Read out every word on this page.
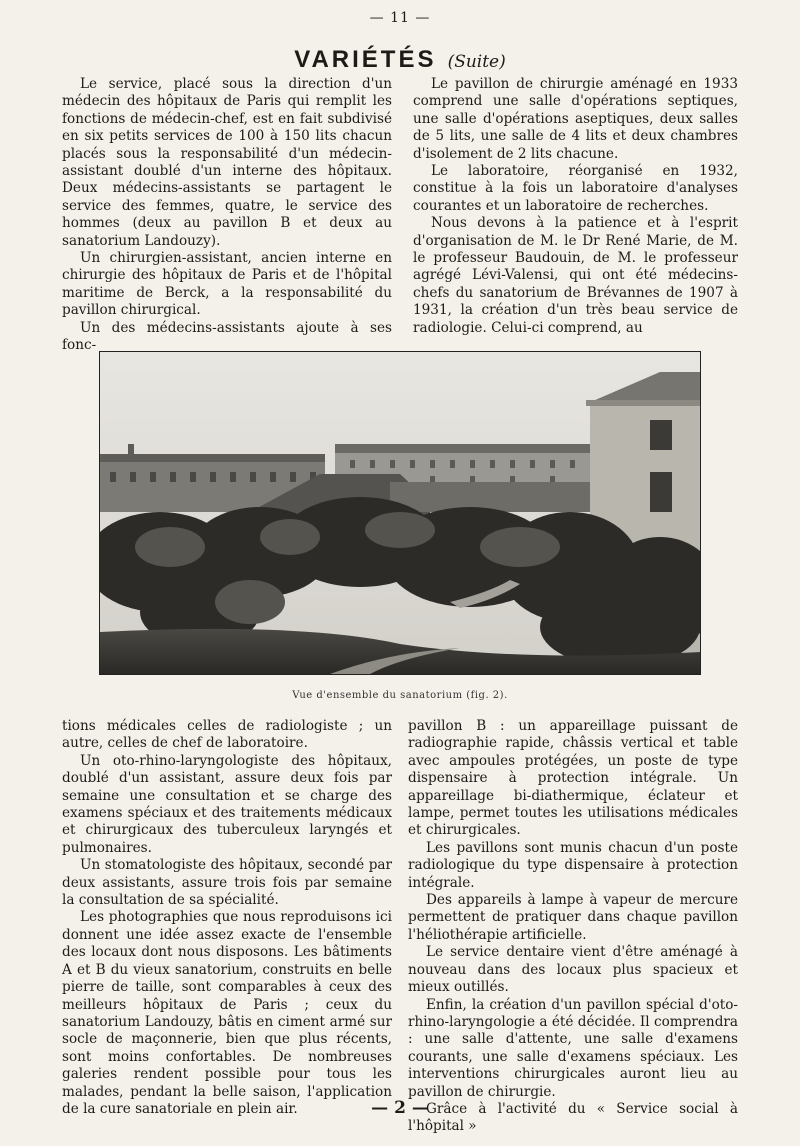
— 11 —
VARIÉTÉS (Suite)

Le service, placé sous la direction d'un médecin des hôpitaux de Paris qui remplit les fonctions de médecin-chef, est en fait subdivisé en six petits services de 100 à 150 lits chacun placés sous la responsabilité d'un médecin-assistant doublé d'un interne des hôpitaux. Deux médecins-assistants se partagent le service des femmes, quatre, le service des hommes (deux au pavillon B et deux au sanatorium Landouzy).

Un chirurgien-assistant, ancien interne en chirurgie des hôpitaux de Paris et de l'hôpital maritime de Berck, a la responsabilité du pavillon chirurgical.

Un des médecins-assistants ajoute à ses fonc-

Le pavillon de chirurgie aménagé en 1933 comprend une salle d'opérations septiques, une salle d'opérations aseptiques, deux salles de 5 lits, une salle de 4 lits et deux chambres d'isolement de 2 lits chacune.

Le laboratoire, réorganisé en 1932, constitue à la fois un laboratoire d'analyses courantes et un laboratoire de recherches.

Nous devons à la patience et à l'esprit d'organisation de M. le Dr René Marie, de M. le professeur Baudouin, de M. le professeur agrégé Lévi-Valensi, qui ont été médecins-chefs du sanatorium de Brévannes de 1907 à 1931, la création d'un très beau service de radiologie. Celui-ci comprend, au

Vue d'ensemble du sanatorium (fig. 2).

tions médicales celles de radiologiste ; un autre, celles de chef de laboratoire.

Un oto-rhino-laryngologiste des hôpitaux, doublé d'un assistant, assure deux fois par semaine une consultation et se charge des examens spéciaux et des traitements médicaux et chirurgicaux des tuberculeux laryngés et pulmonaires.

Un stomatologiste des hôpitaux, secondé par deux assistants, assure trois fois par semaine la consultation de sa spécialité.

Les photographies que nous reproduisons ici donnent une idée assez exacte de l'ensemble des locaux dont nous disposons. Les bâtiments A et B du vieux sanatorium, construits en belle pierre de taille, sont comparables à ceux des meilleurs hôpitaux de Paris ; ceux du sanatorium Landouzy, bâtis en ciment armé sur socle de maçonnerie, bien que plus récents, sont moins confortables. De nombreuses galeries rendent possible pour tous les malades, pendant la belle saison, l'application de la cure sanatoriale en plein air.

pavillon B : un appareillage puissant de radiographie rapide, châssis vertical et table avec ampoules protégées, un poste de type dispensaire à protection intégrale. Un appareillage bi-diathermique, éclateur et lampe, permet toutes les utilisations médicales et chirurgicales.

Les pavillons sont munis chacun d'un poste radiologique du type dispensaire à protection intégrale.

Des appareils à lampe à vapeur de mercure permettent de pratiquer dans chaque pavillon l'héliothérapie artificielle.

Le service dentaire vient d'être aménagé à nouveau dans des locaux plus spacieux et mieux outillés.

Enfin, la création d'un pavillon spécial d'oto-rhino-laryngologie a été décidée. Il comprendra : une salle d'attente, une salle d'examens courants, une salle d'examens spéciaux. Les interventions chirurgicales auront lieu au pavillon de chirurgie.

Grâce à l'activité du « Service social à l'hôpital »

— 2 —
